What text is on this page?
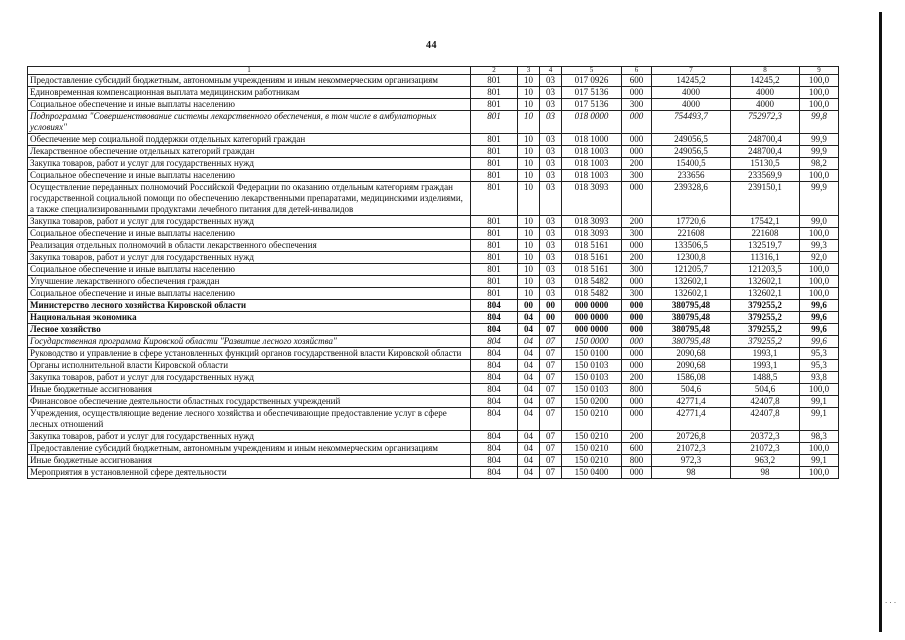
44
. . .
1	2	3	4	5	6	7	8	9
Предоставление субсидий бюджетным, автономным учреждениям и иным некоммерческим организациям	801	10	03	017 0926	600	14245,2	14245,2	100,0
Единовременная компенсационная выплата медицинским работникам	801	10	03	017 5136	000	4000	4000	100,0
Социальное обеспечение и иные выплаты населению	801	10	03	017 5136	300	4000	4000	100,0
Подпрограмма "Совершенствование системы лекарственного обеспечения, в том числе в амбулаторных условиях"	801	10	03	018 0000	000	754493,7	752972,3	99,8
Обеспечение мер социальной поддержки отдельных категорий граждан	801	10	03	018 1000	000	249056,5	248700,4	99,9
Лекарственное обеспечение отдельных категорий граждан	801	10	03	018 1003	000	249056,5	248700,4	99,9
Закупка товаров, работ и услуг для государственных нужд	801	10	03	018 1003	200	15400,5	15130,5	98,2
Социальное обеспечение и иные выплаты населению	801	10	03	018 1003	300	233656	233569,9	100,0
Осуществление переданных полномочий Российской Федерации по оказанию отдельным категориям граждан государственной социальной помощи по обеспечению лекарственными препаратами, медицинскими изделиями, а также специализированными продуктами лечебного питания для детей-инвалидов	801	10	03	018 3093	000	239328,6	239150,1	99,9
Закупка товаров, работ и услуг для государственных нужд	801	10	03	018 3093	200	17720,6	17542,1	99,0
Социальное обеспечение и иные выплаты населению	801	10	03	018 3093	300	221608	221608	100,0
Реализация отдельных полномочий в области лекарственного обеспечения	801	10	03	018 5161	000	133506,5	132519,7	99,3
Закупка товаров, работ и услуг для государственных нужд	801	10	03	018 5161	200	12300,8	11316,1	92,0
Социальное обеспечение и иные выплаты населению	801	10	03	018 5161	300	121205,7	121203,5	100,0
Улучшение лекарственного обеспечения граждан	801	10	03	018 5482	000	132602,1	132602,1	100,0
Социальное обеспечение и иные выплаты населению	801	10	03	018 5482	300	132602,1	132602,1	100,0
Министерство лесного хозяйства Кировской области	804	00	00	000 0000	000	380795,48	379255,2	99,6
Национальная экономика	804	04	00	000 0000	000	380795,48	379255,2	99,6
Лесное хозяйство	804	04	07	000 0000	000	380795,48	379255,2	99,6
Государственная программа Кировской области "Развитие лесного хозяйства"	804	04	07	150 0000	000	380795,48	379255,2	99,6
Руководство и управление в сфере установленных функций органов государственной власти Кировской области	804	04	07	150 0100	000	2090,68	1993,1	95,3
Органы исполнительной власти Кировской области	804	04	07	150 0103	000	2090,68	1993,1	95,3
Закупка товаров, работ и услуг для государственных нужд	804	04	07	150 0103	200	1586,08	1488,5	93,8
Иные бюджетные ассигнования	804	04	07	150 0103	800	504,6	504,6	100,0
Финансовое обеспечение деятельности областных государственных учреждений	804	04	07	150 0200	000	42771,4	42407,8	99,1
Учреждения, осуществляющие ведение лесного хозяйства и обеспечивающие предоставление услуг в сфере лесных отношений	804	04	07	150 0210	000	42771,4	42407,8	99,1
Закупка товаров, работ и услуг для государственных нужд	804	04	07	150 0210	200	20726,8	20372,3	98,3
Предоставление субсидий бюджетным, автономным учреждениям и иным некоммерческим организациям	804	04	07	150 0210	600	21072,3	21072,3	100,0
Иные бюджетные ассигнования	804	04	07	150 0210	800	972,3	963,2	99,1
Мероприятия в установленной сфере деятельности	804	04	07	150 0400	000	98	98	100,0
